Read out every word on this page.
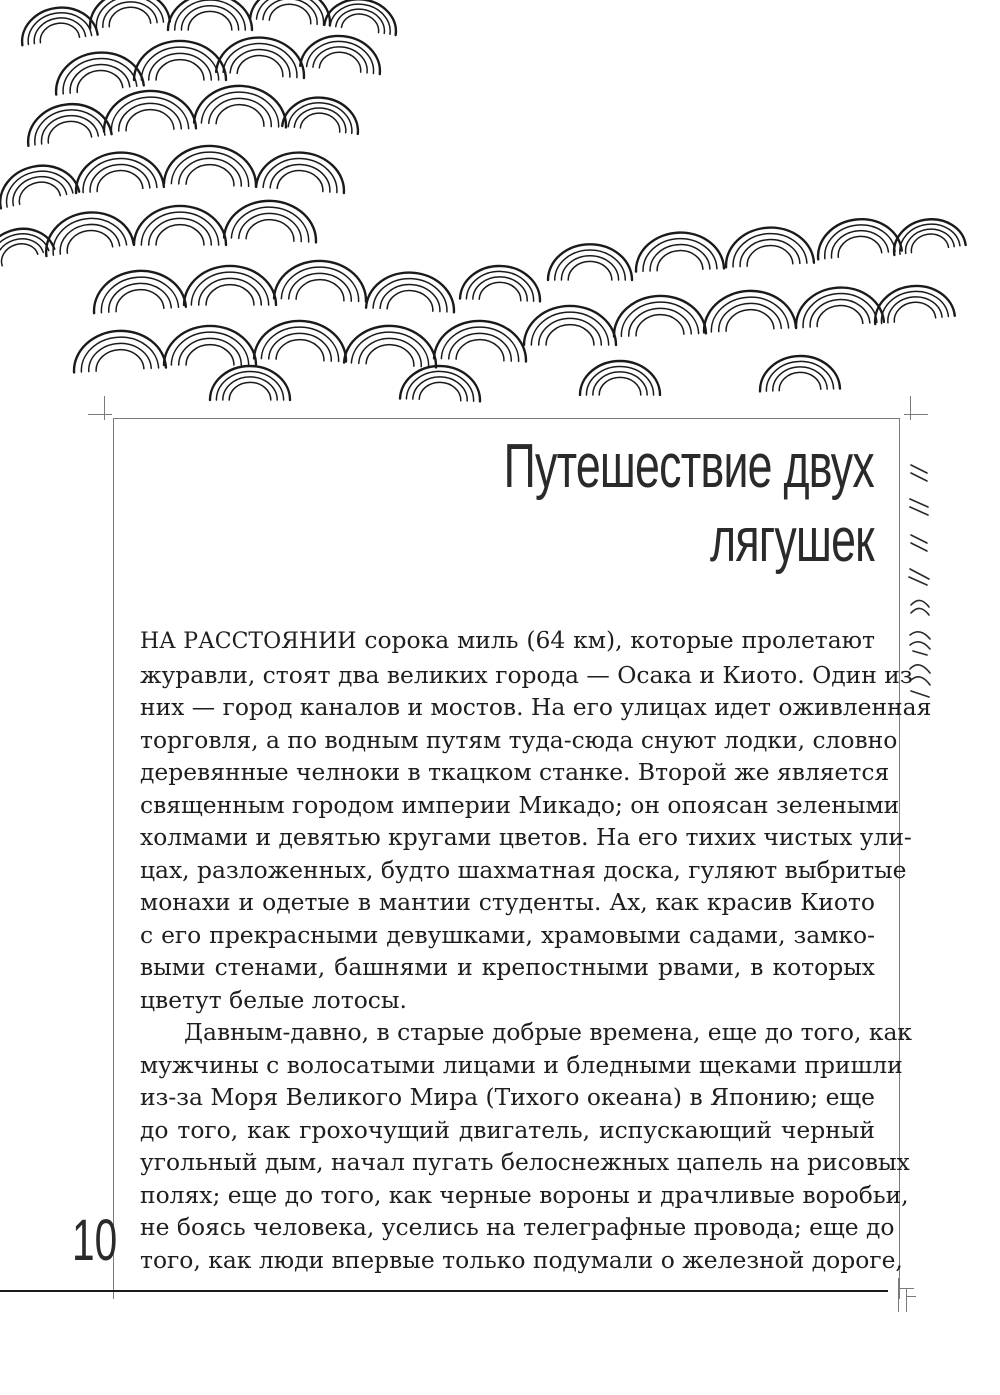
Путешествие двух
лягушек
НА РАССТОЯНИИ сорока миль (64 км), которые пролетают
журавли, стоят два великих города — Осака и Киото. Один из
них — город каналов и мостов. На его улицах идет оживленная
торговля, а по водным путям туда-сюда снуют лодки, словно
деревянные челноки в ткацком станке. Второй же является
священным городом империи Микадо; он опоясан зелеными
холмами и девятью кругами цветов. На его тихих чистых ули-
цах, разложенных, будто шахматная доска, гуляют выбритые
монахи и одетые в мантии студенты. Ах, как красив Киото
с его прекрасными девушками, храмовыми садами, замко-
выми стенами, башнями и крепостными рвами, в которых
цветут белые лотосы.
Давным-давно, в старые добрые времена, еще до того, как
мужчины с волосатыми лицами и бледными щеками пришли
из-за Моря Великого Мира (Тихого океана) в Японию; еще
до того, как грохочущий двигатель, испускающий черный
угольный дым, начал пугать белоснежных цапель на рисовых
полях; еще до того, как черные вороны и драчливые воробьи,
не боясь человека, уселись на телеграфные провода; еще до
того, как люди впервые только подумали о железной дороге,
10
